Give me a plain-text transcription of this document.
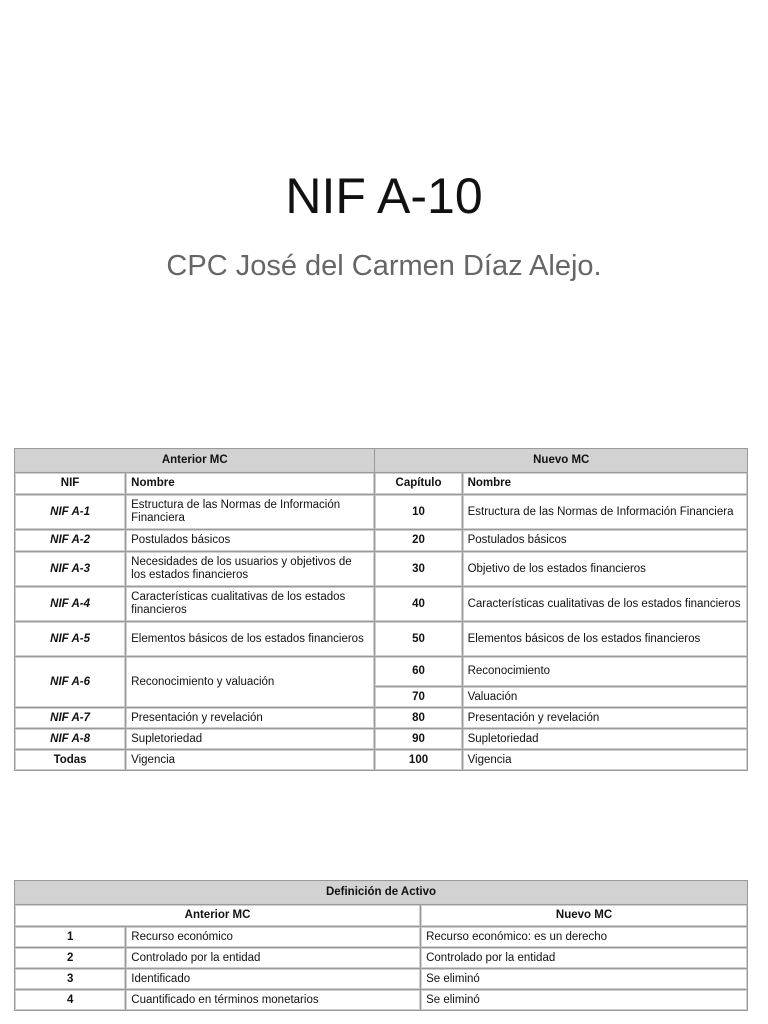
NIF A-10
CPC José del Carmen Díaz Alejo.
Anterior MC		Nuevo MC	
NIF	Nombre	Capítulo	Nombre
NIF A-1	Estructura de las Normas de Información Financiera	10	Estructura de las Normas de Información Financiera
NIF A-2	Postulados básicos	20	Postulados básicos
NIF A-3	Necesidades de los usuarios y objetivos de los estados financieros	30	Objetivo de los estados financieros
NIF A-4	Características cualitativas de los estados financieros	40	Características cualitativas de los estados financieros
NIF A-5	Elementos básicos de los estados financieros	50	Elementos básicos de los estados financieros
NIF A-6	Reconocimiento y valuación	60	Reconocimiento
		70	Valuación
NIF A-7	Presentación y revelación	80	Presentación y revelación
NIF A-8	Supletoriedad	90	Supletoriedad
Todas	Vigencia	100	Vigencia
Definición de Activo		
Anterior MC		Nuevo MC
1	Recurso económico	Recurso económico: es un derecho
2	Controlado por la entidad	Controlado por la entidad
3	Identificado	Se eliminó
4	Cuantificado en términos monetarios	Se eliminó
